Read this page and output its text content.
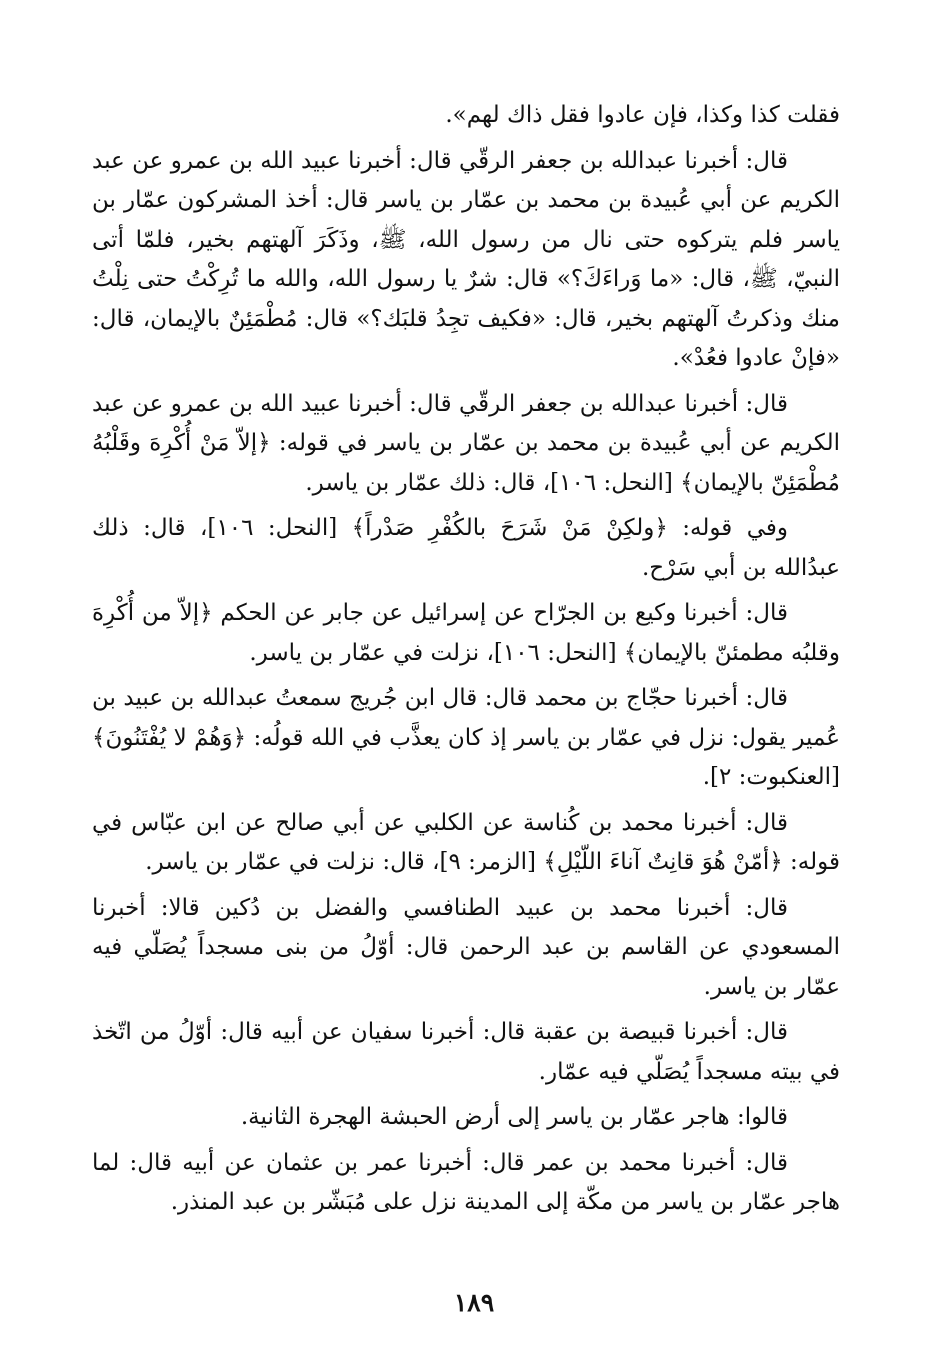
فقلت كذا وكذا، فإن عادوا فقل ذاك لهم».

قال: أخبرنا عبدالله بن جعفر الرقّي قال: أخبرنا عبيد الله بن عمرو عن عبد الكريم عن أبي عُبيدة بن محمد بن عمّار بن ياسر قال: أخذ المشركون عمّار بن ياسر فلم يتركوه حتى نال من رسول الله، ﷺ، وذَكَرَ آلهتهم بخير، فلمّا أتى النبيّ، ﷺ، قال: «ما وَراءَكَ؟» قال: شرٌ يا رسول الله، والله ما تُرِكْتُ حتى نِلْتُ منك وذكرتُ آلهتهم بخير، قال: «فكيف تجِدُ قلبَك؟» قال: مُطْمَئِنٌ بالإيمان، قال: «فإنْ عادوا فعُدْ».

قال: أخبرنا عبدالله بن جعفر الرقّي قال: أخبرنا عبيد الله بن عمرو عن عبد الكريم عن أبي عُبيدة بن محمد بن عمّار بن ياسر في قوله: ﴿إلاّ مَنْ أُكْرِهَ وقَلْبُهُ مُطْمَئِنّ بالإيمان﴾ [النحل: ١٠٦]، قال: ذلك عمّار بن ياسر.

وفي قوله: ﴿ولكِنْ مَنْ شَرَحَ بالكُفْرِ صَدْراً﴾ [النحل: ١٠٦]، قال: ذلك عبدُالله بن أبي سَرْح.

قال: أخبرنا وكيع بن الجرّاح عن إسرائيل عن جابر عن الحكم ﴿إلاّ من أُكْرِهَ وقلبُه مطمئنّ بالإيمان﴾ [النحل: ١٠٦]، نزلت في عمّار بن ياسر.

قال: أخبرنا حجّاج بن محمد قال: قال ابن جُريج سمعتُ عبدالله بن عبيد بن عُمير يقول: نزل في عمّار بن ياسر إذ كان يعذَّب في الله قولُه: ﴿وَهُمْ لا يُفْتَنُونَ﴾ [العنكبوت: ٢].

قال: أخبرنا محمد بن كُناسة عن الكلبي عن أبي صالح عن ابن عبّاس في قوله: ﴿أمّنْ هُوَ قانِتٌ آناءَ اللّيْلِ﴾ [الزمر: ٩]، قال: نزلت في عمّار بن ياسر.

قال: أخبرنا محمد بن عبيد الطنافسي والفضل بن دُكين قالا: أخبرنا المسعودي عن القاسم بن عبد الرحمن قال: أوّلُ من بنى مسجداً يُصَلّي فيه عمّار بن ياسر.

قال: أخبرنا قبيصة بن عقبة قال: أخبرنا سفيان عن أبيه قال: أوّلُ من اتّخذ في بيته مسجداً يُصَلّي فيه عمّار.

قالوا: هاجر عمّار بن ياسر إلى أرض الحبشة الهجرة الثانية.

قال: أخبرنا محمد بن عمر قال: أخبرنا عمر بن عثمان عن أبيه قال: لما هاجر عمّار بن ياسر من مكّة إلى المدينة نزل على مُبَشّر بن عبد المنذر.

١٨٩
